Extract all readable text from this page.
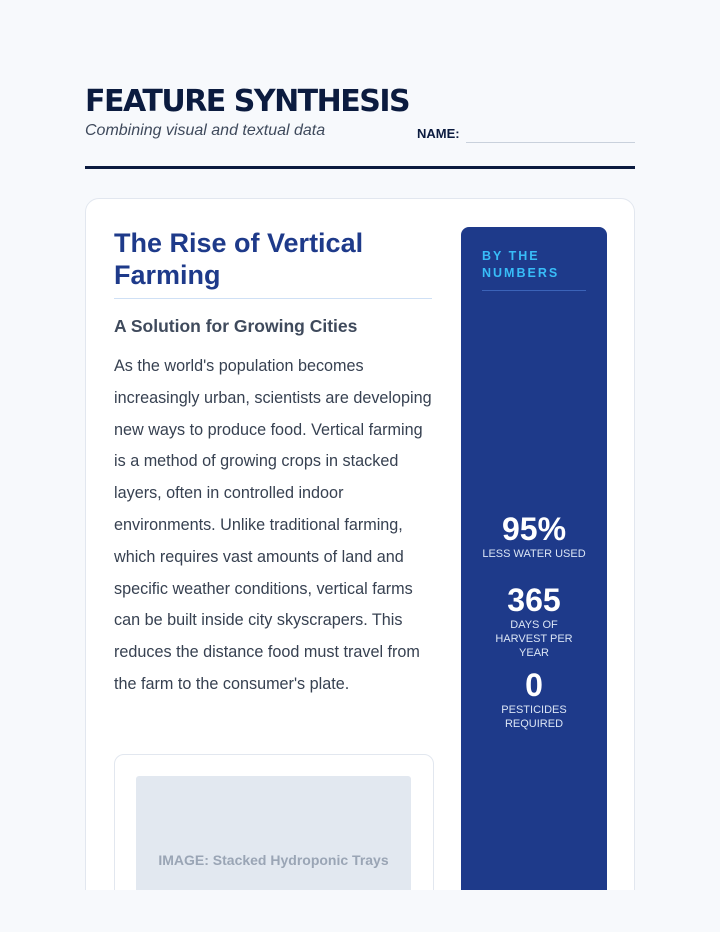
FEATURE SYNTHESIS

Combining visual and textual data	NAME:
The Rise of Vertical Farming
A Solution for Growing Cities

As the world's population becomes increasingly urban, scientists are developing new ways to produce food. Vertical farming is a method of growing crops in stacked layers, often in controlled indoor environments. Unlike traditional farming, which requires vast amounts of land and specific weather conditions, vertical farms can be built inside city skyscrapers. This reduces the distance food must travel from the farm to the consumer's plate.

IMAGE: Stacked Hydroponic Trays
BY THE NUMBERS
95%
LESS WATER USED
365
DAYS OF HARVEST PER YEAR
0
PESTICIDES REQUIRED
